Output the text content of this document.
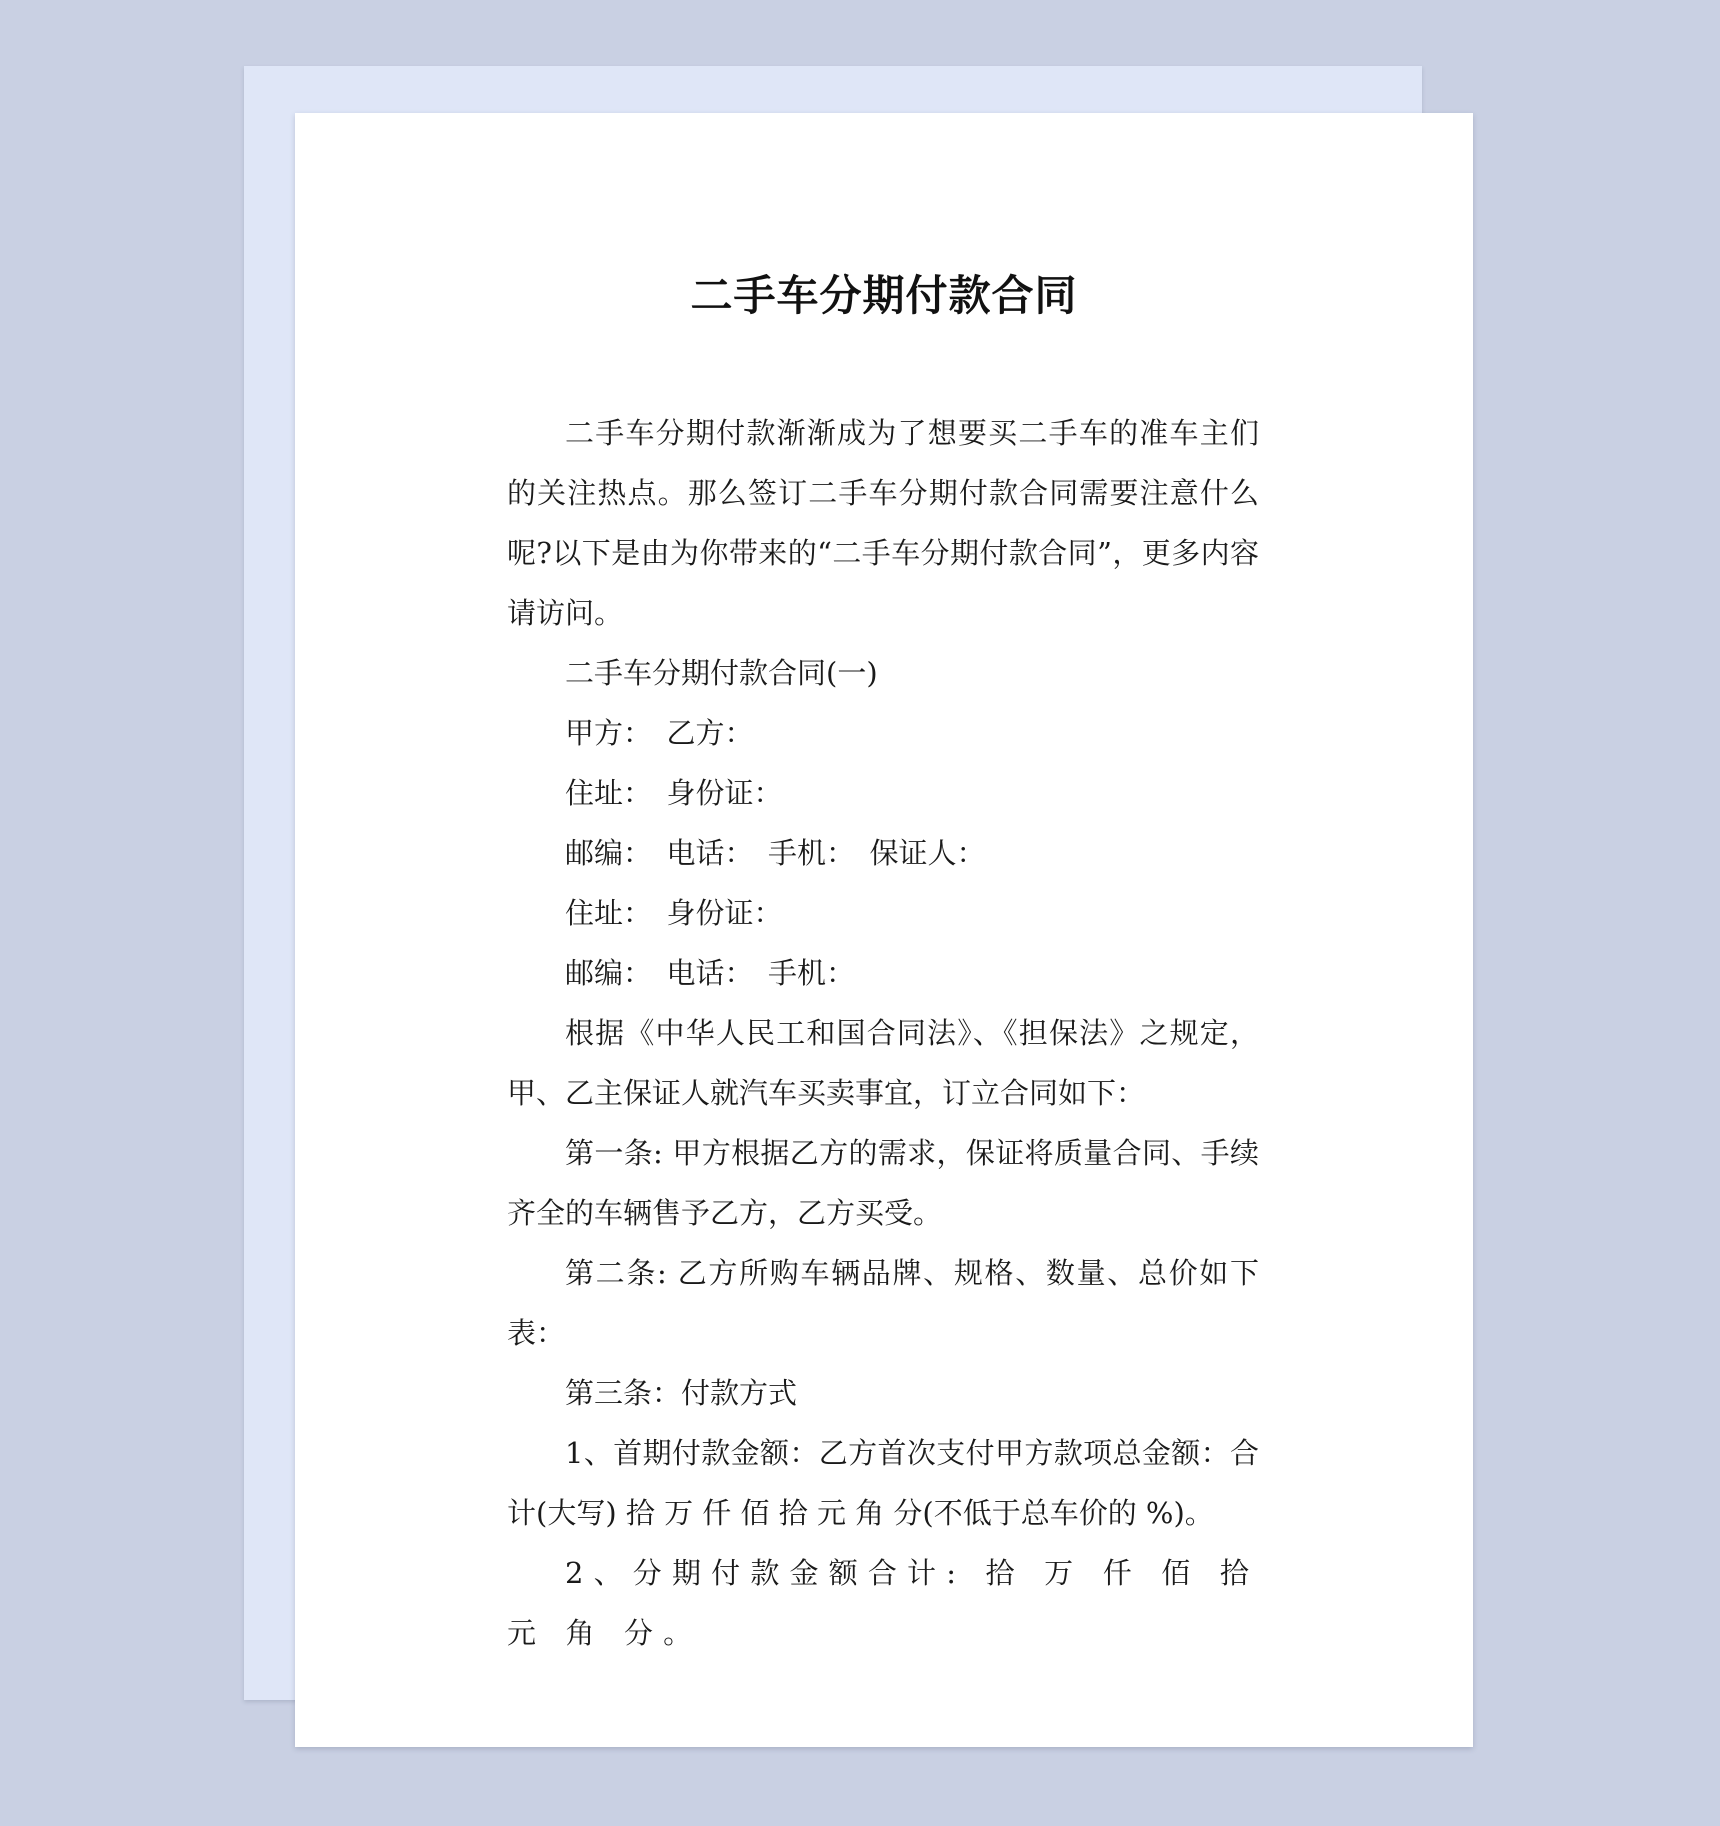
二手车分期付款合同

二手车分期付款渐渐成为了想要买二手车的准车主们的关注热点。那么签订二手车分期付款合同需要注意什么呢?以下是由为你带来的“二手车分期付款合同”，更多内容请访问。

二手车分期付款合同(一)

甲方：　乙方：

住址：　身份证：

邮编：　电话：　手机：　保证人：

住址：　身份证：

邮编：　电话：　手机：

根据《中华人民工和国合同法》、《担保法》之规定，甲、乙主保证人就汽车买卖事宜，订立合同如下：

第一条: 甲方根据乙方的需求，保证将质量合同、手续齐全的车辆售予乙方，乙方买受。

第二条: 乙方所购车辆品牌、规格、数量、总价如下表：

第三条：付款方式

1、首期付款金额：乙方首次支付甲方款项总金额：合计(大写) 拾 万 仟 佰 拾 元 角 分(不低于总车价的 %)。

2、分期付款金额合计: 拾 万 仟 佰 拾 元 角 分。
